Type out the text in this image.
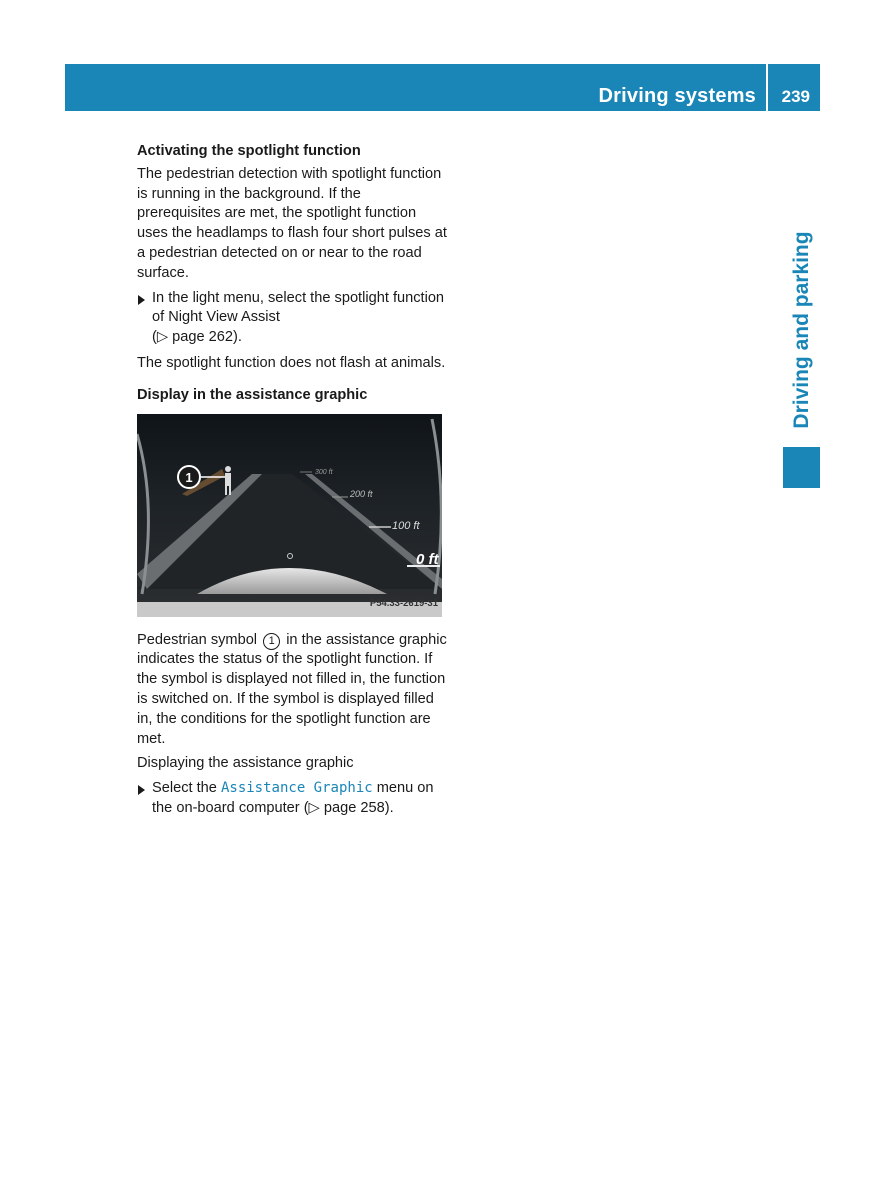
Driving systems 239
Driving and parking
Activating the spotlight function
The pedestrian detection with spotlight function is running in the background. If the prerequisites are met, the spotlight function uses the headlamps to flash four short pulses at a pedestrian detected on or near to the road surface.
In the light menu, select the spotlight function of Night View Assist
(▷ page 262).
The spotlight function does not flash at animals.
Display in the assistance graphic
1	300 ft
200 ft
100 ft
0 ft
P54.33-2619-31
Pedestrian symbol 1 in the assistance graphic indicates the status of the spotlight function. If the symbol is displayed not filled in, the function is switched on. If the symbol is displayed filled in, the conditions for the spotlight function are met.
Displaying the assistance graphic
Select the Assistance Graphic menu on the on-board computer (▷ page 258).
